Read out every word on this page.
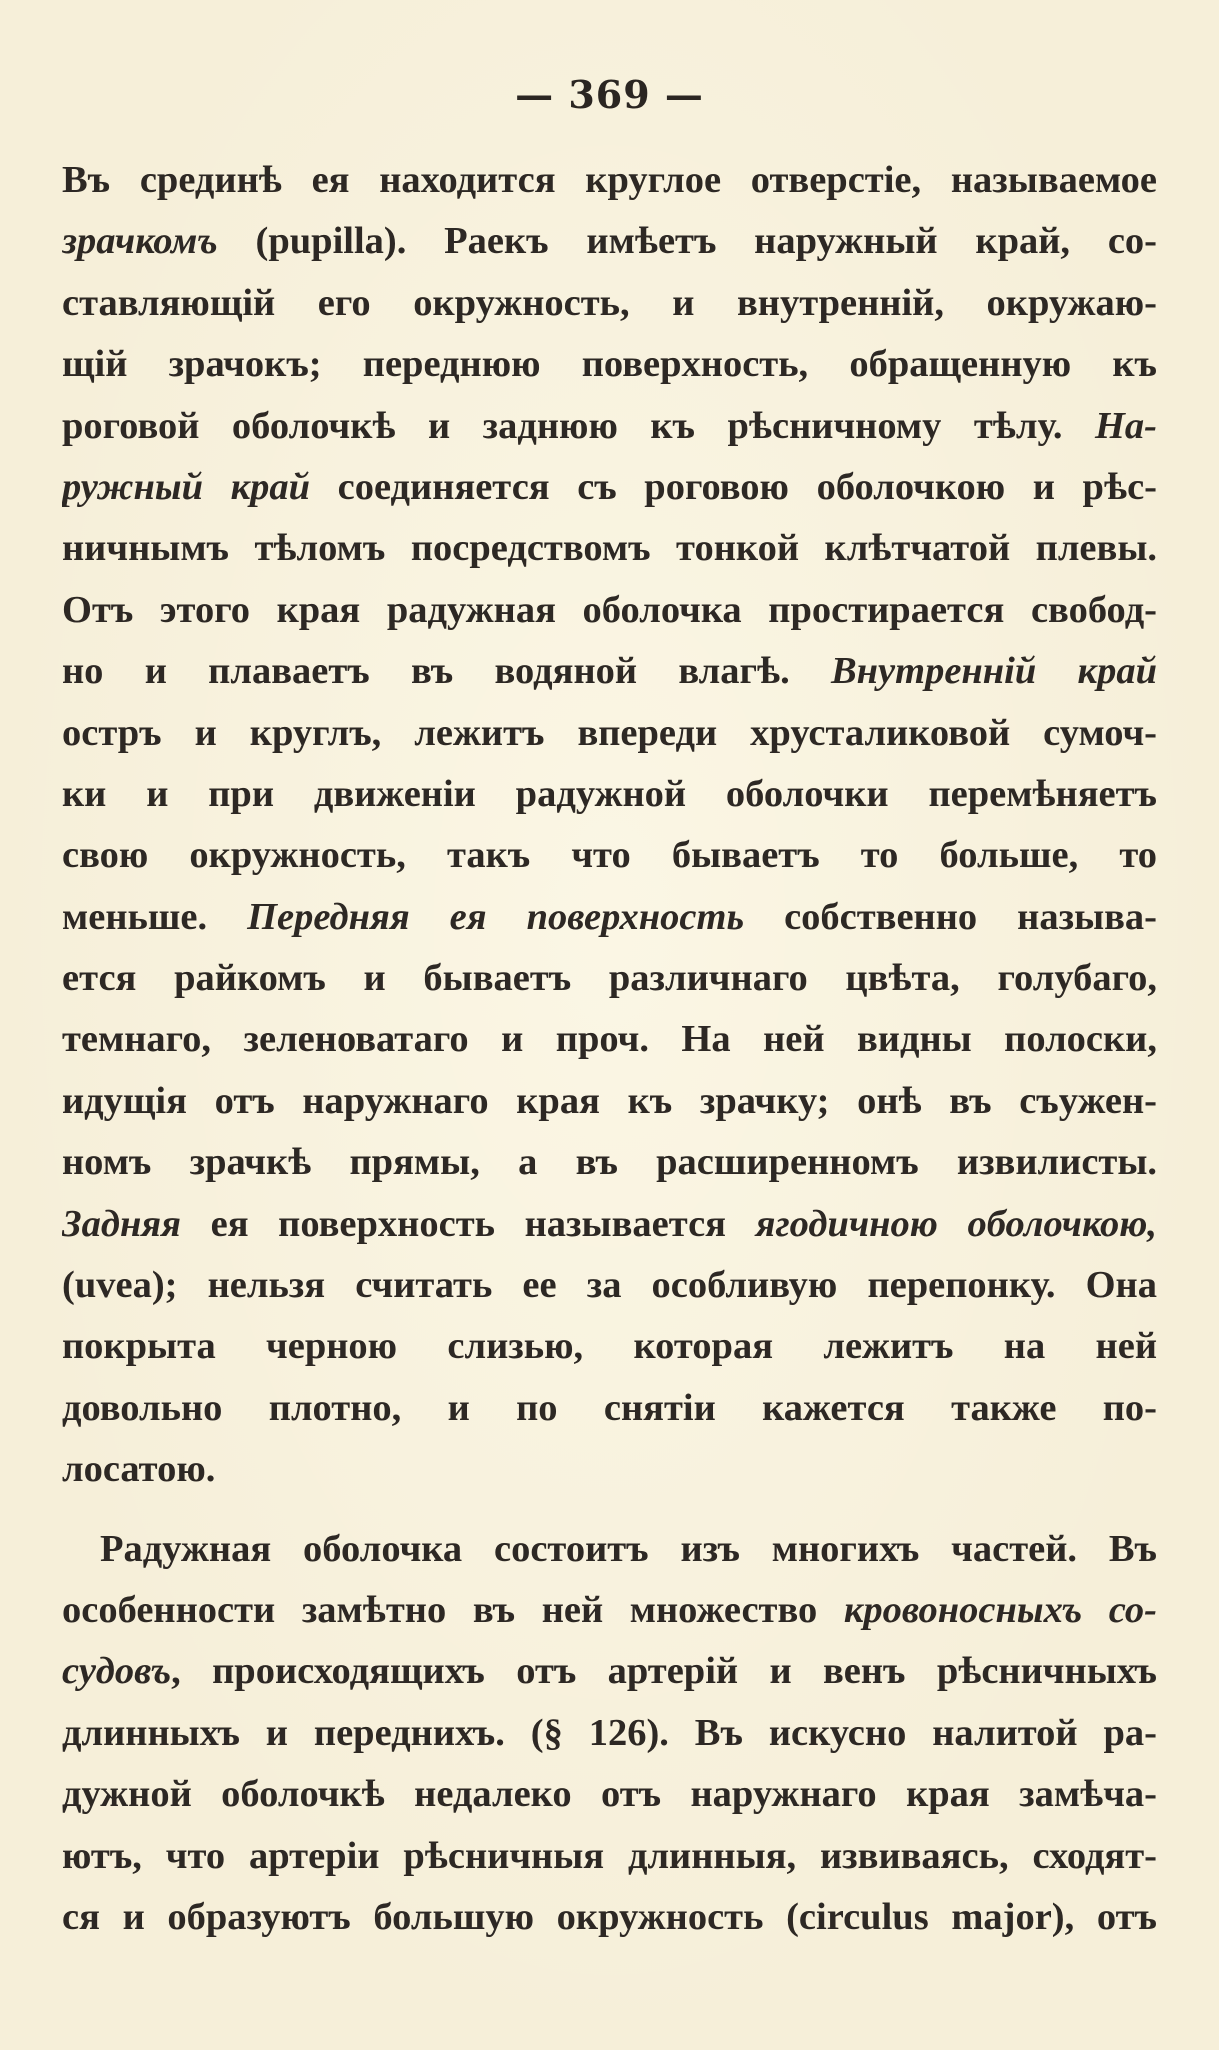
— 369 —
Въ срединѣ ея находится круглое отверстіе, называемое
зрачкомъ (pupilla). Раекъ имѣетъ наружный край, со-
ставляющій его окружность, и внутренній, окружаю-
щій зрачокъ; переднюю поверхность, обращенную къ
роговой оболочкѣ и заднюю къ рѣсничному тѣлу. На-
ружный край соединяется съ роговою оболочкою и рѣс-
ничнымъ тѣломъ посредствомъ тонкой клѣтчатой плевы.
Отъ этого края радужная оболочка простирается свобод-
но и плаваетъ въ водяной влагѣ. Внутренній край
остръ и круглъ, лежитъ впереди хрусталиковой сумоч-
ки и при движеніи радужной оболочки перемѣняетъ
свою окружность, такъ что бываетъ то больше, то
меньше. Передняя ея поверхность собственно называ-
ется райкомъ и бываетъ различнаго цвѣта, голубаго,
темнаго, зеленоватаго и проч. На ней видны полоски,
идущія отъ наружнаго края къ зрачку; онѣ въ съужен-
номъ зрачкѣ прямы, а въ расширенномъ извилисты.
Задняя ея поверхность называется ягодичною оболочкою,
(uvea); нельзя считать ее за особливую перепонку. Она
покрыта черною слизью, которая лежитъ на ней
довольно плотно, и по снятіи кажется также по-
лосатою.
Радужная оболочка состоитъ изъ многихъ частей. Въ
особенности замѣтно въ ней множество кровоносныхъ со-
судовъ, происходящихъ отъ артерій и венъ рѣсничныхъ
длинныхъ и переднихъ. (§ 126). Въ искусно налитой ра-
дужной оболочкѣ недалеко отъ наружнаго края замѣча-
ютъ, что артеріи рѣсничныя длинныя, извиваясь, сходят-
ся и образуютъ большую окружность (circulus major), отъ
